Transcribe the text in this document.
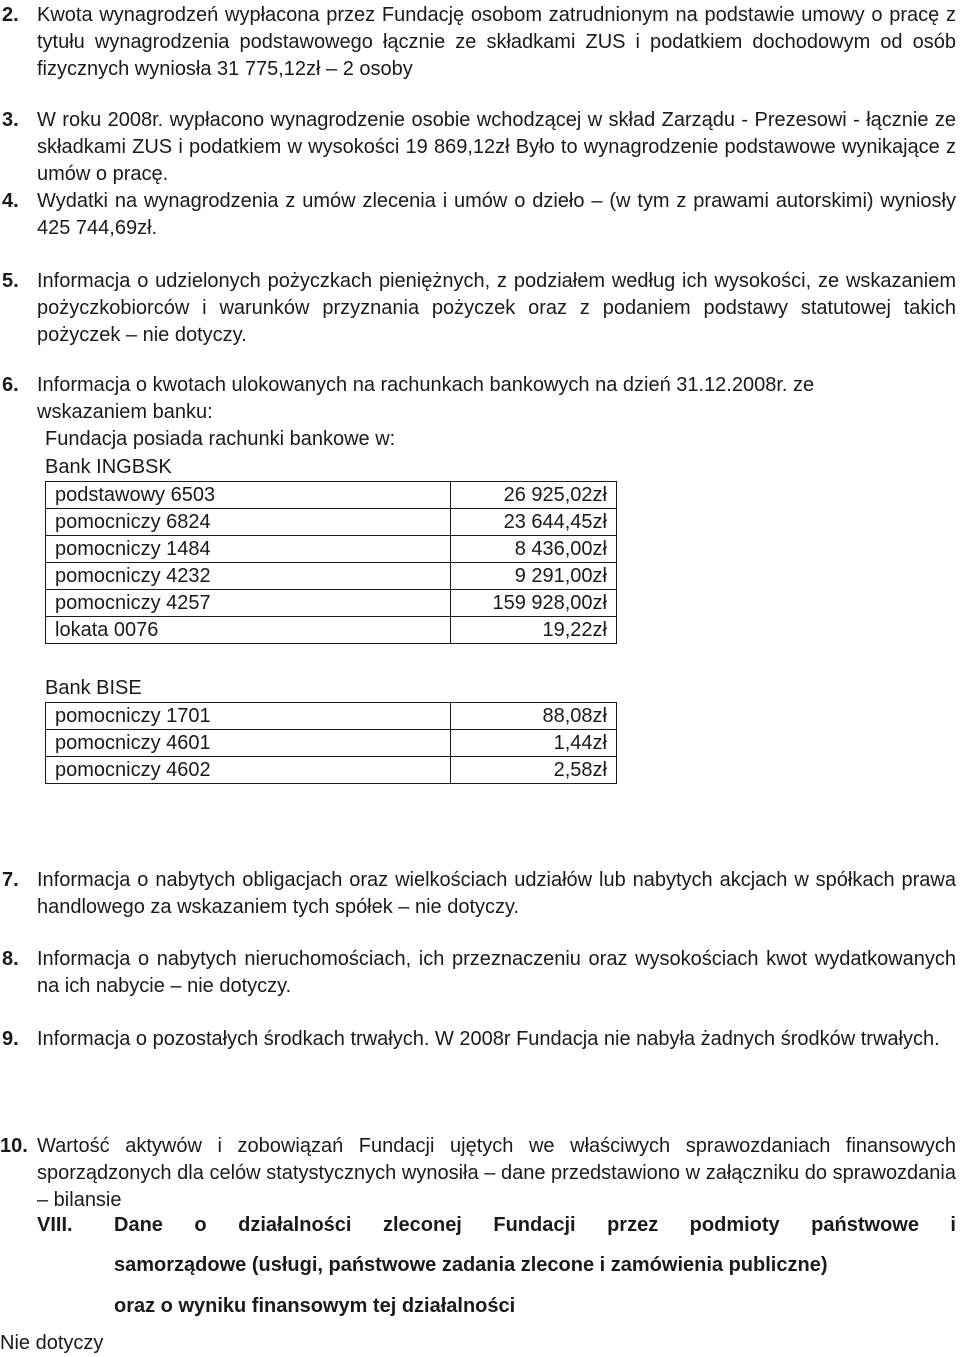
2. Kwota wynagrodzeń wypłacona przez Fundację osobom zatrudnionym na podstawie umowy o pracę z tytułu wynagrodzenia podstawowego łącznie ze składkami ZUS i podatkiem dochodowym od osób fizycznych wyniosła 31 775,12zł – 2 osoby
3. W roku 2008r. wypłacono wynagrodzenie osobie wchodzącej w skład Zarządu - Prezesowi - łącznie ze składkami ZUS i podatkiem w wysokości 19 869,12zł Było to wynagrodzenie podstawowe wynikające z umów o pracę.
4. Wydatki na wynagrodzenia z umów zlecenia i umów o dzieło – (w tym z prawami autorskimi) wyniosły 425 744,69zł.
5. Informacja o udzielonych pożyczkach pieniężnych, z podziałem według ich wysokości, ze wskazaniem pożyczkobiorców i warunków przyznania pożyczek oraz z podaniem podstawy statutowej takich pożyczek – nie dotyczy.
6. Informacja o kwotach ulokowanych na rachunkach bankowych na dzień 31.12.2008r. ze
wskazaniem banku:
Fundacja posiada rachunki bankowe w:
Bank INGBSK
podstawowy 6503	26 925,02zł
pomocniczy 6824	23 644,45zł
pomocniczy 1484	8 436,00zł
pomocniczy 4232	9 291,00zł
pomocniczy 4257	159 928,00zł
lokata 0076	19,22zł
Bank BISE
pomocniczy 1701	88,08zł
pomocniczy 4601	1,44zł
pomocniczy 4602	2,58zł
7. Informacja o nabytych obligacjach oraz wielkościach udziałów lub nabytych akcjach w spółkach prawa handlowego za wskazaniem tych spółek – nie dotyczy.
8. Informacja o nabytych nieruchomościach, ich przeznaczeniu oraz wysokościach kwot wydatkowanych na ich nabycie – nie dotyczy.
9. Informacja o pozostałych środkach trwałych. W 2008r Fundacja nie nabyła żadnych środków trwałych.
10. Wartość aktywów i zobowiązań Fundacji ujętych we właściwych sprawozdaniach finansowych sporządzonych dla celów statystycznych wynosiła – dane przedstawiono w załączniku do sprawozdania – bilansie
VIII. Dane o działalności zleconej Fundacji przez podmioty państwowe i
samorządowe (usługi, państwowe zadania zlecone i zamówienia publiczne)
oraz o wyniku finansowym tej działalności
Nie dotyczy
